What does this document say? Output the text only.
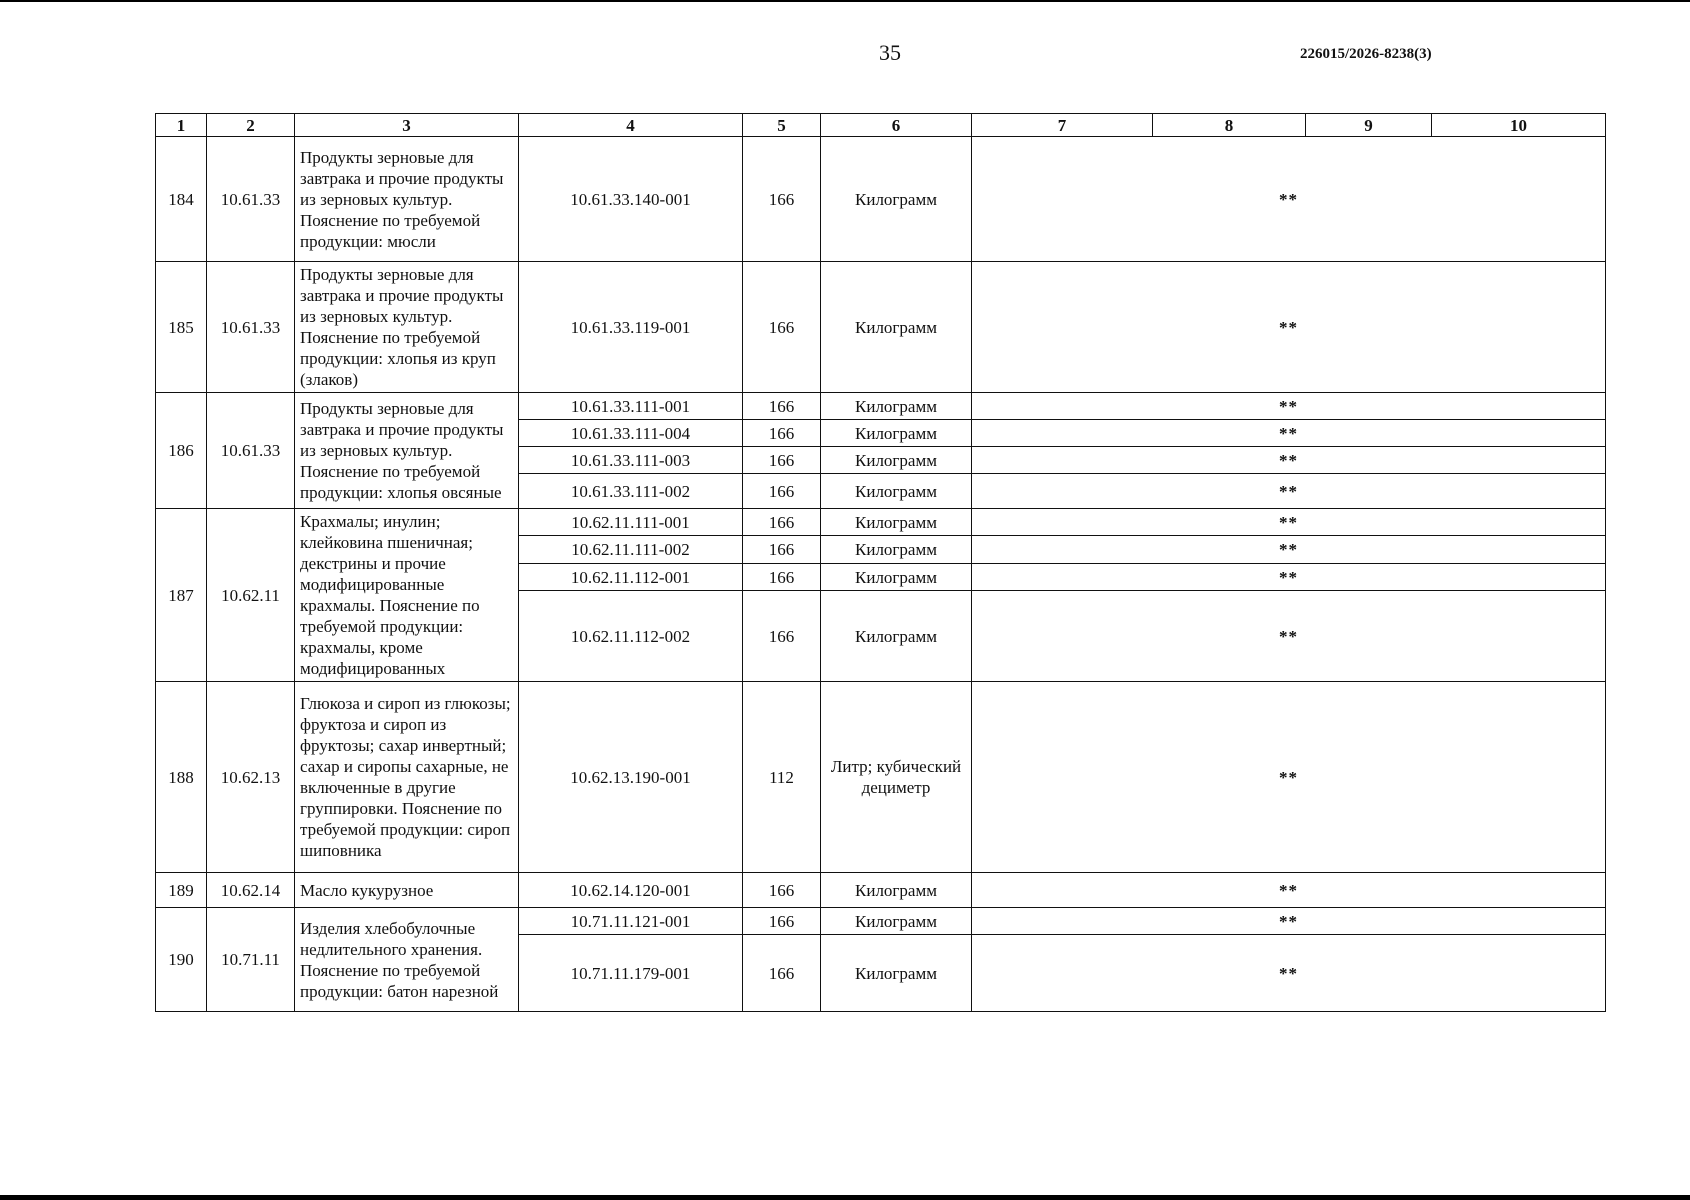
35	226015/2026-8238(3)
1	2	3	4	5	6	7	8	9	10
184	10.61.33	Продукты зерновые для завтрака и прочие продукты из зерновых культур. Пояснение по требуемой продукции: мюсли	10.61.33.140-001	166	Килограмм	**			
185	10.61.33	Продукты зерновые для завтрака и прочие продукты из зерновых культур. Пояснение по требуемой продукции: хлопья из круп (злаков)	10.61.33.119-001	166	Килограмм	**			
186	10.61.33	Продукты зерновые для завтрака и прочие продукты из зерновых культур. Пояснение по требуемой продукции: хлопья овсяные	10.61.33.111-001	166	Килограмм	**			
			10.61.33.111-004	166	Килограмм	**			
			10.61.33.111-003	166	Килограмм	**			
			10.61.33.111-002	166	Килограмм	**			
187	10.62.11	Крахмалы; инулин; клейковина пшеничная; декстрины и прочие модифицированные крахмалы. Пояснение по требуемой продукции: крахмалы, кроме модифицированных	10.62.11.111-001	166	Килограмм	**			
			10.62.11.111-002	166	Килограмм	**			
			10.62.11.112-001	166	Килограмм	**			
			10.62.11.112-002	166	Килограмм	**			
188	10.62.13	Глюкоза и сироп из глюкозы; фруктоза и сироп из фруктозы; сахар инвертный; сахар и сиропы сахарные, не включенные в другие группировки. Пояснение по требуемой продукции: сироп шиповника	10.62.13.190-001	112	Литр; кубический дециметр	**			
189	10.62.14	Масло кукурузное	10.62.14.120-001	166	Килограмм	**			
190	10.71.11	Изделия хлебобулочные недлительного хранения. Пояснение по требуемой продукции: батон нарезной	10.71.11.121-001	166	Килограмм	**			
			10.71.11.179-001	166	Килограмм	**			
